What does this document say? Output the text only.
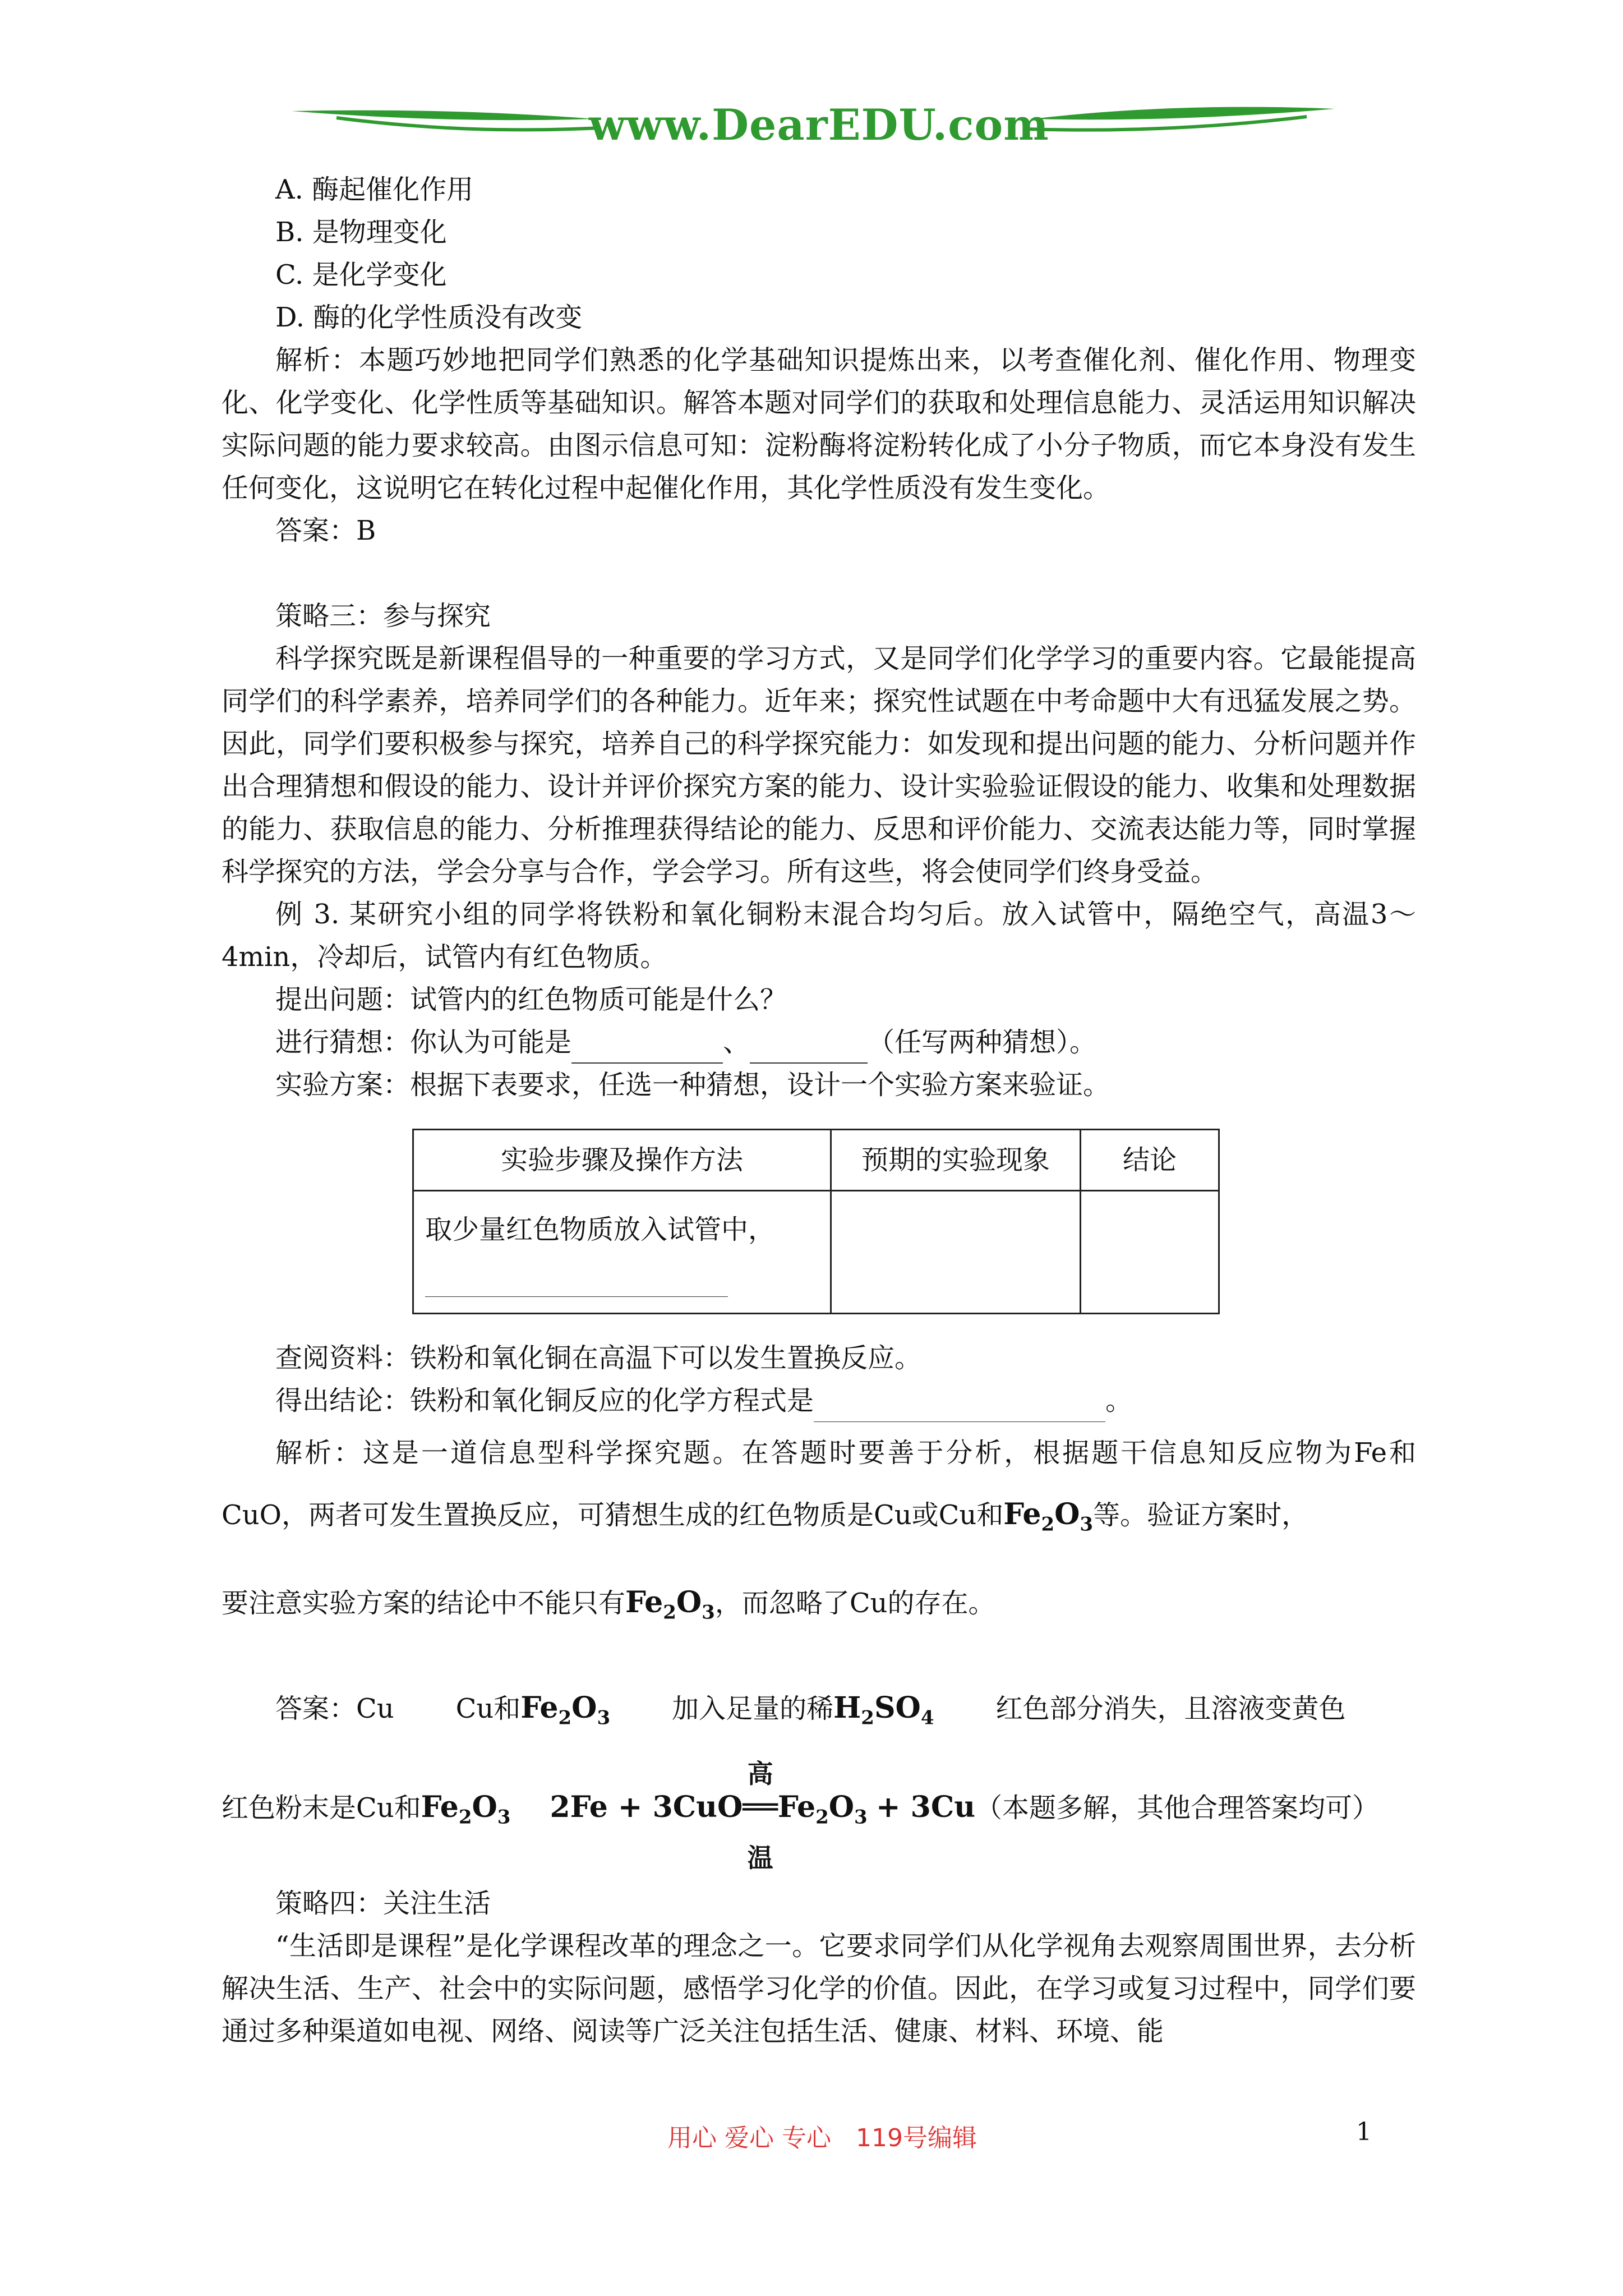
www.DearEDU.com

A. 酶起催化作用

B. 是物理变化

C. 是化学变化

D. 酶的化学性质没有改变

解析：本题巧妙地把同学们熟悉的化学基础知识提炼出来，以考查催化剂、催化作用、物理变化、化学变化、化学性质等基础知识。解答本题对同学们的获取和处理信息能力、灵活运用知识解决实际问题的能力要求较高。由图示信息可知：淀粉酶将淀粉转化成了小分子物质，而它本身没有发生任何变化，这说明它在转化过程中起催化作用，其化学性质没有发生变化。

答案：B

策略三：参与探究

科学探究既是新课程倡导的一种重要的学习方式，又是同学们化学学习的重要内容。它最能提高同学们的科学素养，培养同学们的各种能力。近年来；探究性试题在中考命题中大有迅猛发展之势。因此，同学们要积极参与探究，培养自己的科学探究能力：如发现和提出问题的能力、分析问题并作出合理猜想和假设的能力、设计并评价探究方案的能力、设计实验验证假设的能力、收集和处理数据的能力、获取信息的能力、分析推理获得结论的能力、反思和评价能力、交流表达能力等，同时掌握科学探究的方法，学会分享与合作，学会学习。所有这些，将会使同学们终身受益。

例 3. 某研究小组的同学将铁粉和氧化铜粉末混合均匀后。放入试管中，隔绝空气，高温3～4min，冷却后，试管内有红色物质。

提出问题：试管内的红色物质可能是什么？

进行猜想：你认为可能是	、	（任写两种猜想）。

实验方案：根据下表要求，任选一种猜想，设计一个实验方案来验证。

实验步骤及操作方法	预期的实验现象	结论
取少量红色物质放入试管中，

查阅资料：铁粉和氧化铜在高温下可以发生置换反应。

得出结论：铁粉和氧化铜反应的化学方程式是	。

解析：这是一道信息型科学探究题。在答题时要善于分析，根据题干信息知反应物为Fe和CuO，两者可发生置换反应，可猜想生成的红色物质是Cu或Cu和$Fe_2O_3$等。验证方案时，

要注意实验方案的结论中不能只有$Fe_2O_3$，而忽略了Cu的存在。

答案：Cu Cu和$Fe_2O_3$ 加入足量的稀$H_2SO_4$ 红色部分消失，且溶液变黄色

红色粉末是Cu和$Fe_2O_3$ 2Fe + 3CuO
高温
$══Fe_2O_3 + 3Cu$（本题多解，其他合理答案均可）

策略四：关注生活

“生活即是课程”是化学课程改革的理念之一。它要求同学们从化学视角去观察周围世界，去分析解决生活、生产、社会中的实际问题，感悟学习化学的价值。因此，在学习或复习过程中，同学们要通过多种渠道如电视、网络、阅读等广泛关注包括生活、健康、材料、环境、能

用心 爱心 专心　119号编辑	1
